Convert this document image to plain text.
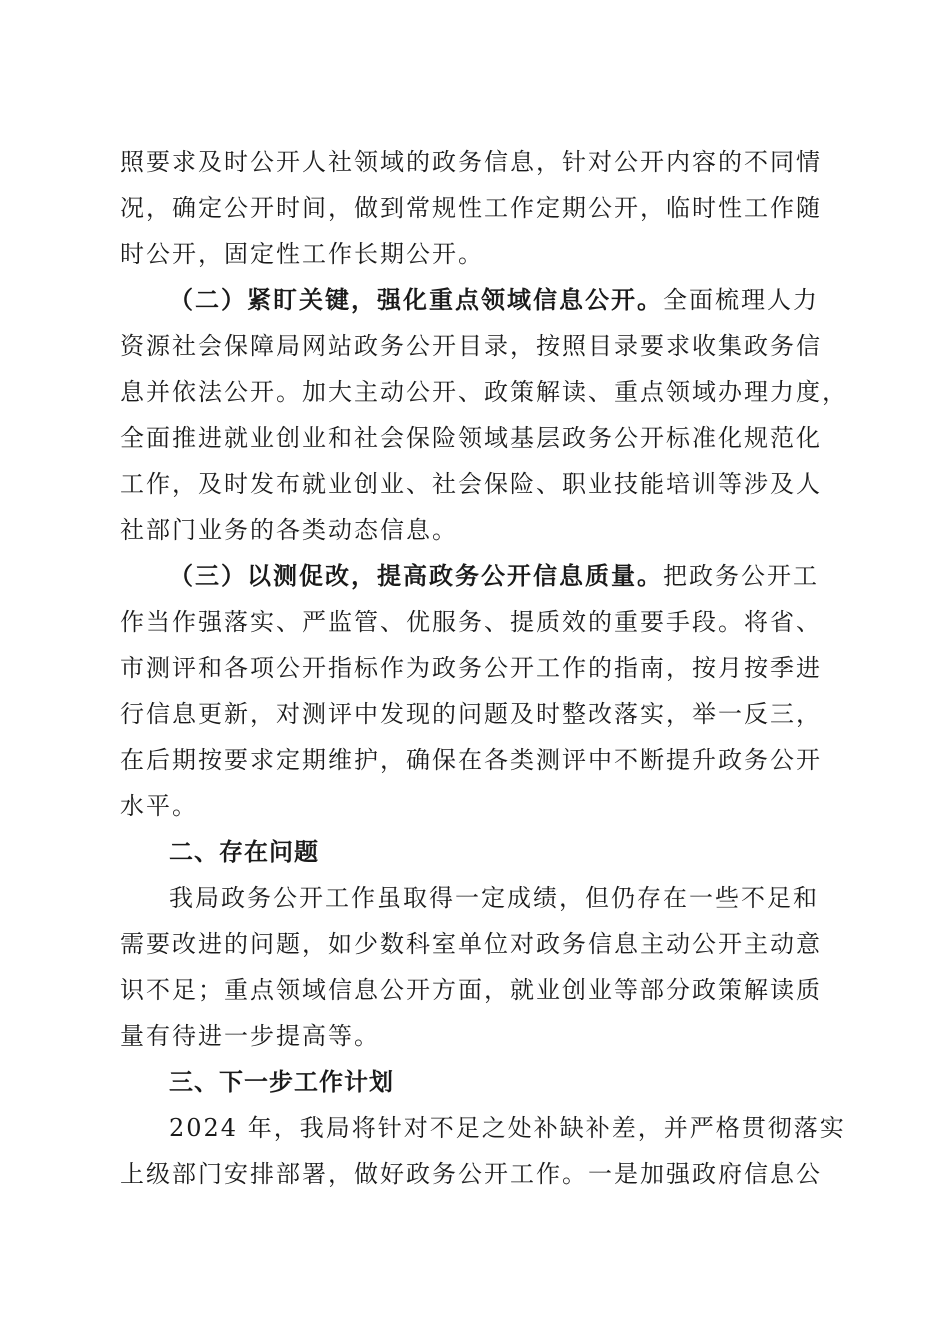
照要求及时公开人社领域的政务信息，针对公开内容的不同情
况，确定公开时间，做到常规性工作定期公开，临时性工作随
时公开，固定性工作长期公开。
（二）紧盯关键，强化重点领域信息公开。全面梳理人力
资源社会保障局网站政务公开目录，按照目录要求收集政务信
息并依法公开。加大主动公开、政策解读、重点领域办理力度，
全面推进就业创业和社会保险领域基层政务公开标准化规范化
工作，及时发布就业创业、社会保险、职业技能培训等涉及人
社部门业务的各类动态信息。
（三）以测促改，提高政务公开信息质量。把政务公开工
作当作强落实、严监管、优服务、提质效的重要手段。将省、
市测评和各项公开指标作为政务公开工作的指南，按月按季进
行信息更新，对测评中发现的问题及时整改落实，举一反三，
在后期按要求定期维护，确保在各类测评中不断提升政务公开
水平。
二、存在问题
我局政务公开工作虽取得一定成绩，但仍存在一些不足和
需要改进的问题，如少数科室单位对政务信息主动公开主动意
识不足；重点领域信息公开方面，就业创业等部分政策解读质
量有待进一步提高等。
三、下一步工作计划
2024 年，我局将针对不足之处补缺补差，并严格贯彻落实
上级部门安排部署，做好政务公开工作。一是加强政府信息公
